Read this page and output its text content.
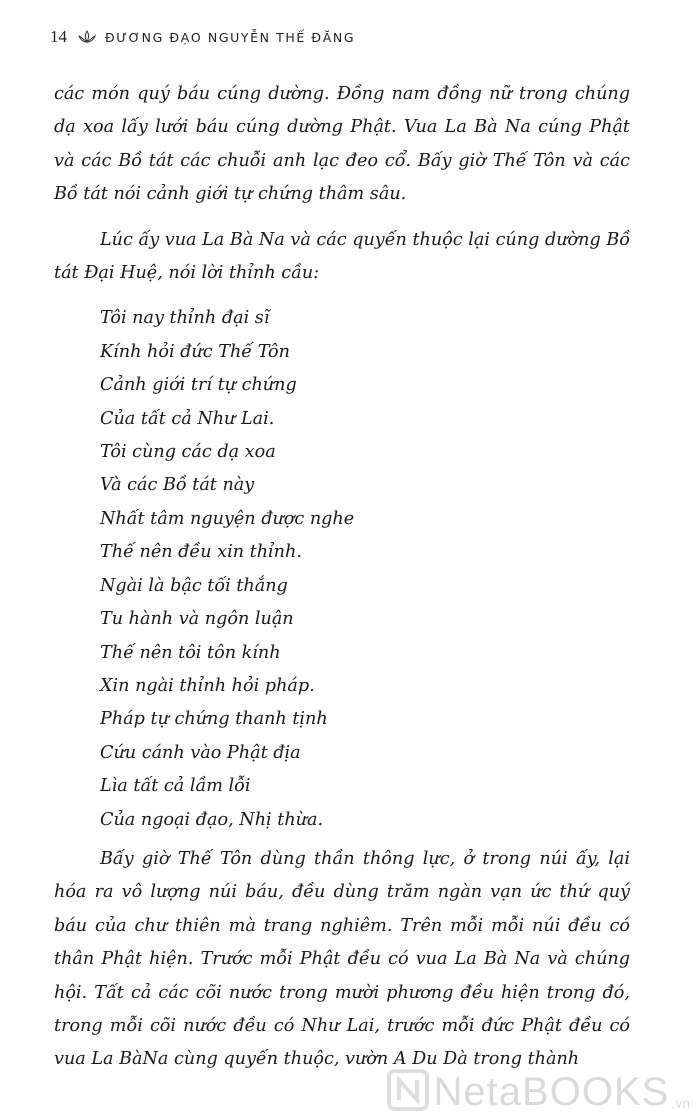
14	ĐƯƠNG ĐẠO NGUYỄN THẾ ĐĂNG

các món quý báu cúng dường. Đồng nam đồng nữ trong chúng dạ xoa lấy lưới báu cúng dường Phật. Vua La Bà Na cúng Phật và các Bồ tát các chuỗi anh lạc đeo cổ. Bấy giờ Thế Tôn và các Bồ tát nói cảnh giới tự chứng thâm sâu.

Lúc ấy vua La Bà Na và các quyến thuộc lại cúng dường Bồ tát Đại Huệ, nói lời thỉnh cầu:

Tôi nay thỉnh đại sĩ
Kính hỏi đức Thế Tôn
Cảnh giới trí tự chứng
Của tất cả Như Lai.
Tôi cùng các dạ xoa
Và các Bồ tát này
Nhất tâm nguyện được nghe
Thế nên đều xin thỉnh.
Ngài là bậc tối thắng
Tu hành và ngôn luận
Thế nên tôi tôn kính
Xin ngài thỉnh hỏi pháp.
Pháp tự chứng thanh tịnh
Cứu cánh vào Phật địa
Lìa tất cả lầm lỗi
Của ngoại đạo, Nhị thừa.

Bấy giờ Thế Tôn dùng thần thông lực, ở trong núi ấy, lại hóa ra vô lượng núi báu, đều dùng trăm ngàn vạn ức thứ quý báu của chư thiên mà trang nghiêm. Trên mỗi mỗi núi đều có thân Phật hiện. Trước mỗi Phật đều có vua La Bà Na và chúng hội. Tất cả các cõi nước trong mười phương đều hiện trong đó, trong mỗi cõi nước đều có Như Lai, trước mỗi đức Phật đều có vua La BàNa cùng quyến thuộc, vườn A Du Dà trong thành

NetaBOOKS .vn
